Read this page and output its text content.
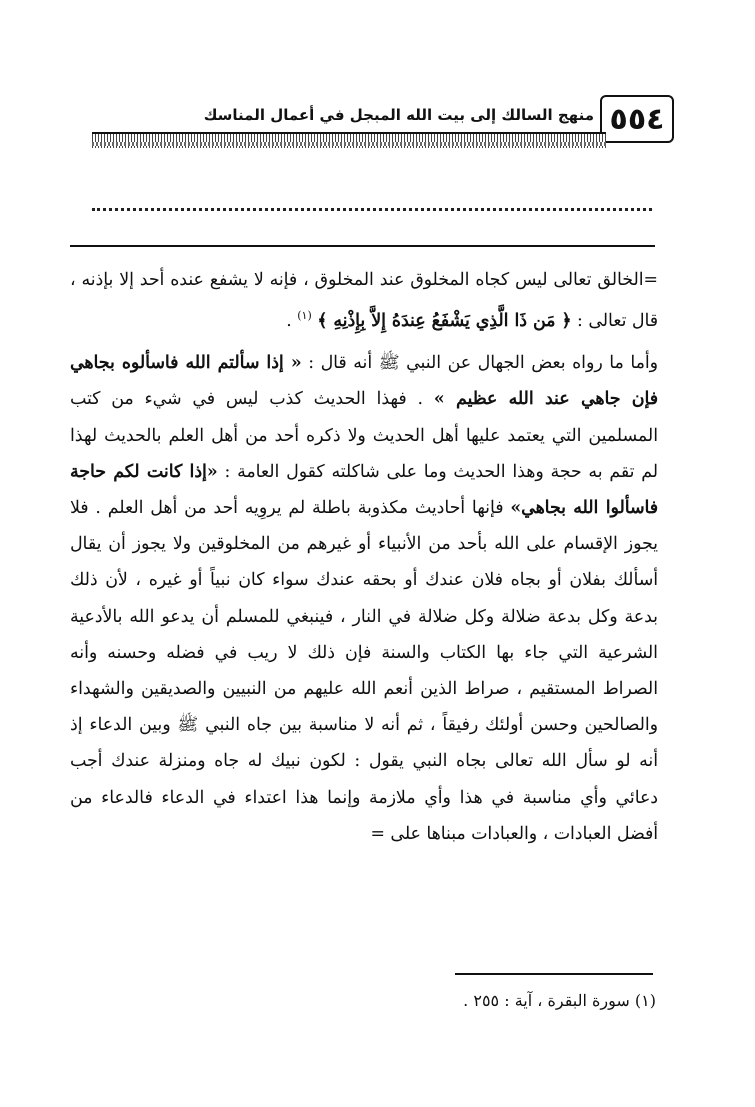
٥٥٤
منهج السالك إلى بيت الله المبجل في أعمال المناسك

=الخالق تعالى ليس كجاه المخلوق عند المخلوق ، فإنه لا يشفع عنده أحد إلا بإذنه ، قال تعالى : ﴿ مَن ذَا الَّذِي يَشْفَعُ عِندَهُ إِلاَّ بِإِذْنِهِ ﴾ $^{(١)}$ .

وأما ما رواه بعض الجهال عن النبي ﷺ أنه قال : « إذا سألتم الله فاسألوه بجاهي فإن جاهي عند الله عظيم » . فهذا الحديث كذب ليس في شيء من كتب المسلمين التي يعتمد عليها أهل الحديث ولا ذكره أحد من أهل العلم بالحديث لهذا لم تقم به حجة وهذا الحديث وما على شاكلته كقول العامة : «إذا كانت لكم حاجة فاسألوا الله بجاهي» فإنها أحاديث مكذوبة باطلة لم يروِيه أحد من أهل العلم . فلا يجوز الإقسام على الله بأحد من الأنبياء أو غيرهم من المخلوقين ولا يجوز أن يقال أسألك بفلان أو بجاه فلان عندك أو بحقه عندك سواء كان نبياً أو غيره ، لأن ذلك بدعة وكل بدعة ضلالة وكل ضلالة في النار ، فينبغي للمسلم أن يدعو الله بالأدعية الشرعية التي جاء بها الكتاب والسنة فإن ذلك لا ريب في فضله وحسنه وأنه الصراط المستقيم ، صراط الذين أنعم الله عليهم من النبيين والصديقين والشهداء والصالحين وحسن أولئك رفيقاً ، ثم أنه لا مناسبة بين جاه النبي ﷺ وبين الدعاء إذ أنه لو سأل الله تعالى بجاه النبي يقول : لكون نبيك له جاه ومنزلة عندك أجب دعائي وأي مناسبة في هذا وأي ملازمة وإنما هذا اعتداء في الدعاء فالدعاء من أفضل العبادات ، والعبادات مبناها على =

(١) سورة البقرة ، آية : ٢٥٥ .
